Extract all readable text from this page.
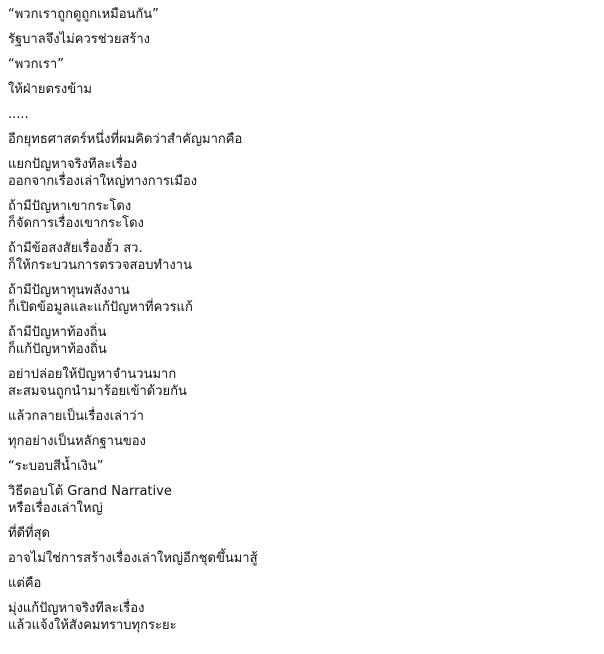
“พวกเราถูกดูถูกเหมือนกัน”
รัฐบาลจึงไม่ควรช่วยสร้าง
“พวกเรา”
ให้ฝ่ายตรงข้าม
.....
อีกยุทธศาสตร์หนึ่งที่ผมคิดว่าสำคัญมากคือ
แยกปัญหาจริงทีละเรื่อง
ออกจากเรื่องเล่าใหญ่ทางการเมือง
ถ้ามีปัญหาเขากระโดง
ก็จัดการเรื่องเขากระโดง
ถ้ามีข้อสงสัยเรื่องฮั้ว สว.
ก็ให้กระบวนการตรวจสอบทำงาน
ถ้ามีปัญหาทุนพลังงาน
ก็เปิดข้อมูลและแก้ปัญหาที่ควรแก้
ถ้ามีปัญหาท้องถิ่น
ก็แก้ปัญหาท้องถิ่น
อย่าปล่อยให้ปัญหาจำนวนมาก
สะสมจนถูกนำมาร้อยเข้าด้วยกัน
แล้วกลายเป็นเรื่องเล่าว่า
ทุกอย่างเป็นหลักฐานของ
“ระบอบสีน้ำเงิน”
วิธีตอบโต้ Grand Narrative
หรือเรื่องเล่าใหญ่
ที่ดีที่สุด
อาจไม่ใช่การสร้างเรื่องเล่าใหญ่อีกชุดขึ้นมาสู้
แต่คือ
มุ่งแก้ปัญหาจริงทีละเรื่อง
แล้วแจ้งให้สังคมทราบทุกระยะ
